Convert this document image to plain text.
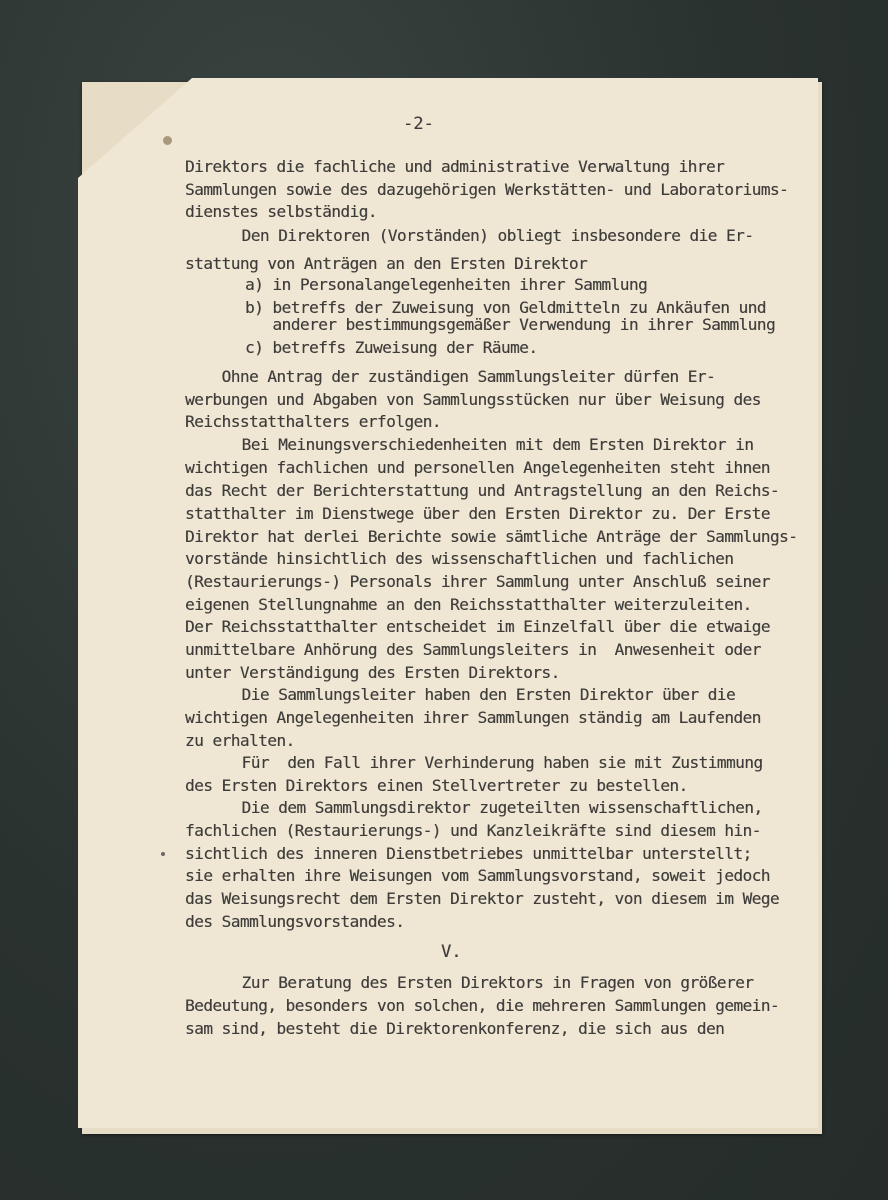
-2-
Direktors die fachliche und administrative Verwaltung ihrer
Sammlungen sowie des dazugehörigen Werkstätten- und Laboratoriums-
dienstes selbständig.
Den Direktoren (Vorständen) obliegt insbesondere die Er-
stattung von Anträgen an den Ersten Direktor
a) in Personalangelegenheiten ihrer Sammlung
b) betreffs der Zuweisung von Geldmitteln zu Ankäufen und
anderer bestimmungsgemäßer Verwendung in ihrer Sammlung
c) betreffs Zuweisung der Räume.
Ohne Antrag der zuständigen Sammlungsleiter dürfen Er-
werbungen und Abgaben von Sammlungsstücken nur über Weisung des
Reichsstatthalters erfolgen.
Bei Meinungsverschiedenheiten mit dem Ersten Direktor in
wichtigen fachlichen und personellen Angelegenheiten steht ihnen
das Recht der Berichterstattung und Antragstellung an den Reichs-
statthalter im Dienstwege über den Ersten Direktor zu. Der Erste
Direktor hat derlei Berichte sowie sämtliche Anträge der Sammlungs-
vorstände hinsichtlich des wissenschaftlichen und fachlichen
(Restaurierungs-) Personals ihrer Sammlung unter Anschluß seiner
eigenen Stellungnahme an den Reichsstatthalter weiterzuleiten.
Der Reichsstatthalter entscheidet im Einzelfall über die etwaige
unmittelbare Anhörung des Sammlungsleiters in  Anwesenheit oder
unter Verständigung des Ersten Direktors.
Die Sammlungsleiter haben den Ersten Direktor über die
wichtigen Angelegenheiten ihrer Sammlungen ständig am Laufenden
zu erhalten.
Für  den Fall ihrer Verhinderung haben sie mit Zustimmung
des Ersten Direktors einen Stellvertreter zu bestellen.
Die dem Sammlungsdirektor zugeteilten wissenschaftlichen,
fachlichen (Restaurierungs-) und Kanzleikräfte sind diesem hin-
sichtlich des inneren Dienstbetriebes unmittelbar unterstellt;
sie erhalten ihre Weisungen vom Sammlungsvorstand, soweit jedoch
das Weisungsrecht dem Ersten Direktor zusteht, von diesem im Wege
des Sammlungsvorstandes.
V.
Zur Beratung des Ersten Direktors in Fragen von größerer
Bedeutung, besonders von solchen, die mehreren Sammlungen gemein-
sam sind, besteht die Direktorenkonferenz, die sich aus den
